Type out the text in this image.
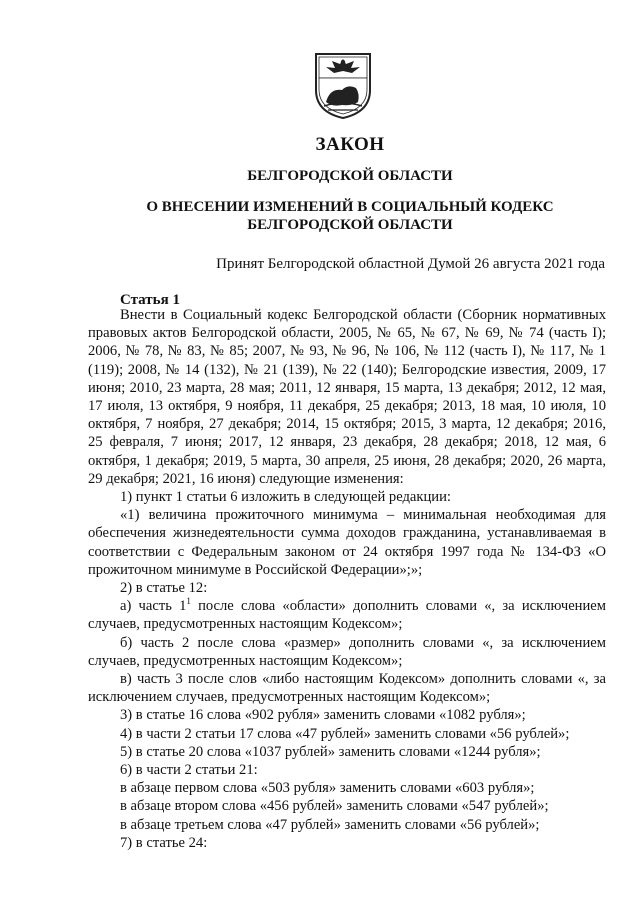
ЗАКОН
БЕЛГОРОДСКОЙ ОБЛАСТИ
О ВНЕСЕНИИ ИЗМЕНЕНИЙ В СОЦИАЛЬНЫЙ КОДЕКС
БЕЛГОРОДСКОЙ ОБЛАСТИ
Принят Белгородской областной Думой 26 августа 2021 года
Статья 1

Внести в Социальный кодекс Белгородской области (Сборник нормативных правовых актов Белгородской области, 2005, № 65, № 67, № 69, № 74 (часть I); 2006, № 78, № 83, № 85; 2007, № 93, № 96, № 106, № 112 (часть I), № 117, № 1 (119); 2008, № 14 (132), № 21 (139), № 22 (140); Белгородские известия, 2009, 17 июня; 2010, 23 марта, 28 мая; 2011, 12 января, 15 марта, 13 декабря; 2012, 12 мая, 17 июля, 13 октября, 9 ноября, 11 декабря, 25 декабря; 2013, 18 мая, 10 июля, 10 октября, 7 ноября, 27 декабря; 2014, 15 октября; 2015, 3 марта, 12 декабря; 2016, 25 февраля, 7 июня; 2017, 12 января, 23 декабря, 28 декабря; 2018, 12 мая, 6 октября, 1 декабря; 2019, 5 марта, 30 апреля, 25 июня, 28 декабря; 2020, 26 марта, 29 декабря; 2021, 16 июня) следующие изменения:

1) пункт 1 статьи 6 изложить в следующей редакции:

«1) величина прожиточного минимума – минимальная необходимая для обеспечения жизнедеятельности сумма доходов гражданина, устанавливаемая в соответствии с Федеральным законом от 24 октября 1997 года № 134-ФЗ «О прожиточном минимуме в Российской Федерации»;»;

2) в статье 12:

а) часть $1^1$ после слова «области» дополнить словами «, за исключением случаев, предусмотренных настоящим Кодексом»;

б) часть 2 после слова «размер» дополнить словами «, за исключением случаев, предусмотренных настоящим Кодексом»;

в) часть 3 после слов «либо настоящим Кодексом» дополнить словами «, за исключением случаев, предусмотренных настоящим Кодексом»;

3) в статье 16 слова «902 рубля» заменить словами «1082 рубля»;

4) в части 2 статьи 17 слова «47 рублей» заменить словами «56 рублей»;

5) в статье 20 слова «1037 рублей» заменить словами «1244 рубля»;

6) в части 2 статьи 21:

в абзаце первом слова «503 рубля» заменить словами «603 рубля»;

в абзаце втором слова «456 рублей» заменить словами «547 рублей»;

в абзаце третьем слова «47 рублей» заменить словами «56 рублей»;

7) в статье 24:
